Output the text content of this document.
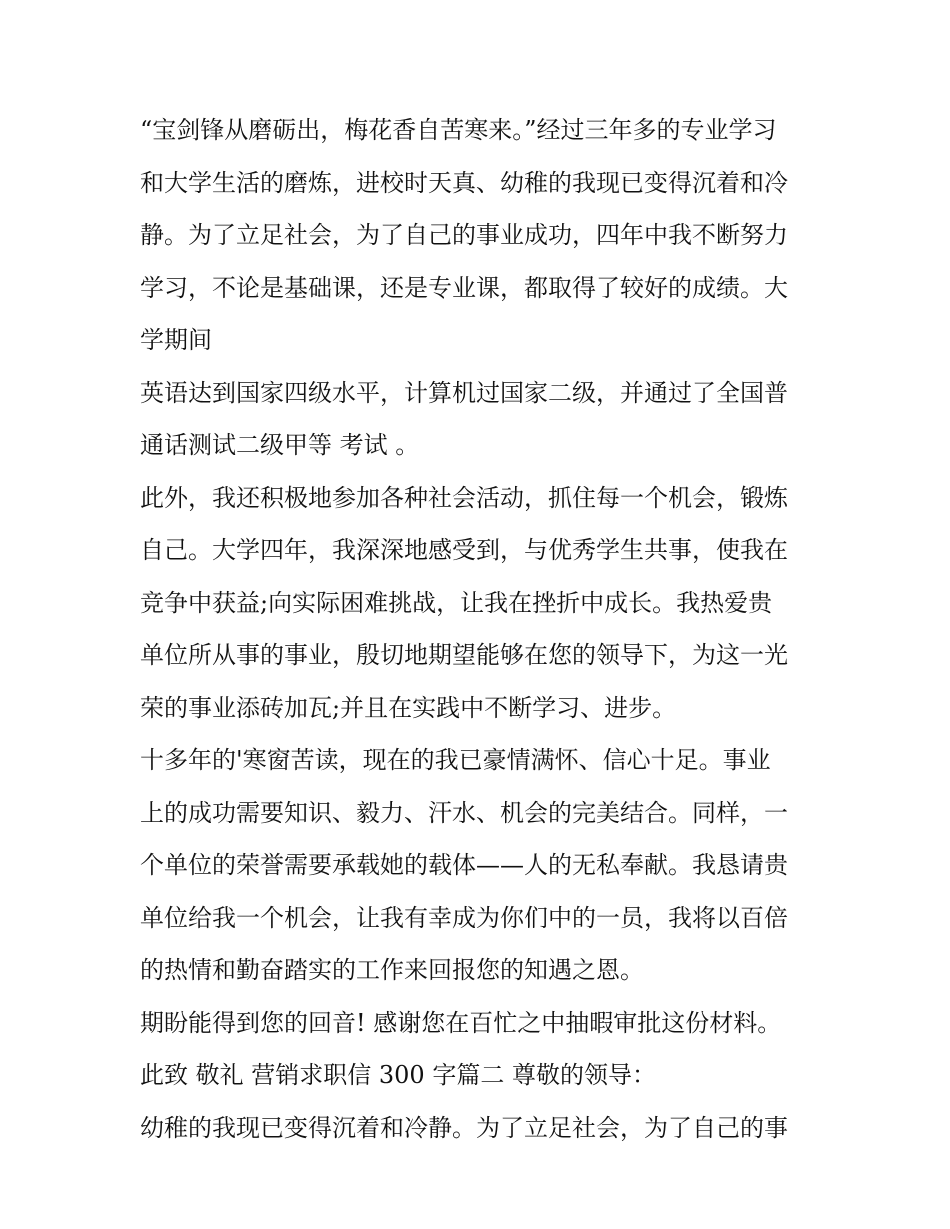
“宝剑锋从磨砺出，梅花香自苦寒来。”经过三年多的专业学习
和大学生活的磨炼，进校时天真、幼稚的我现已变得沉着和冷
静。为了立足社会，为了自己的事业成功，四年中我不断努力
学习，不论是基础课，还是专业课，都取得了较好的成绩。大
学期间
英语达到国家四级水平，计算机过国家二级，并通过了全国普
通话测试二级甲等 考试 。
此外，我还积极地参加各种社会活动，抓住每一个机会，锻炼
自己。大学四年，我深深地感受到，与优秀学生共事，使我在
竞争中获益;向实际困难挑战，让我在挫折中成长。我热爱贵
单位所从事的事业，殷切地期望能够在您的领导下，为这一光
荣的事业添砖加瓦;并且在实践中不断学习、进步。
十多年的'寒窗苦读，现在的我已豪情满怀、信心十足。事业
上的成功需要知识、毅力、汗水、机会的完美结合。同样，一
个单位的荣誉需要承载她的载体——人的无私奉献。我恳请贵
单位给我一个机会，让我有幸成为你们中的一员，我将以百倍
的热情和勤奋踏实的工作来回报您的知遇之恩。
期盼能得到您的回音! 感谢您在百忙之中抽暇审批这份材料。
此致 敬礼 营销求职信 300 字篇二 尊敬的领导：
幼稚的我现已变得沉着和冷静。为了立足社会，为了自己的事
